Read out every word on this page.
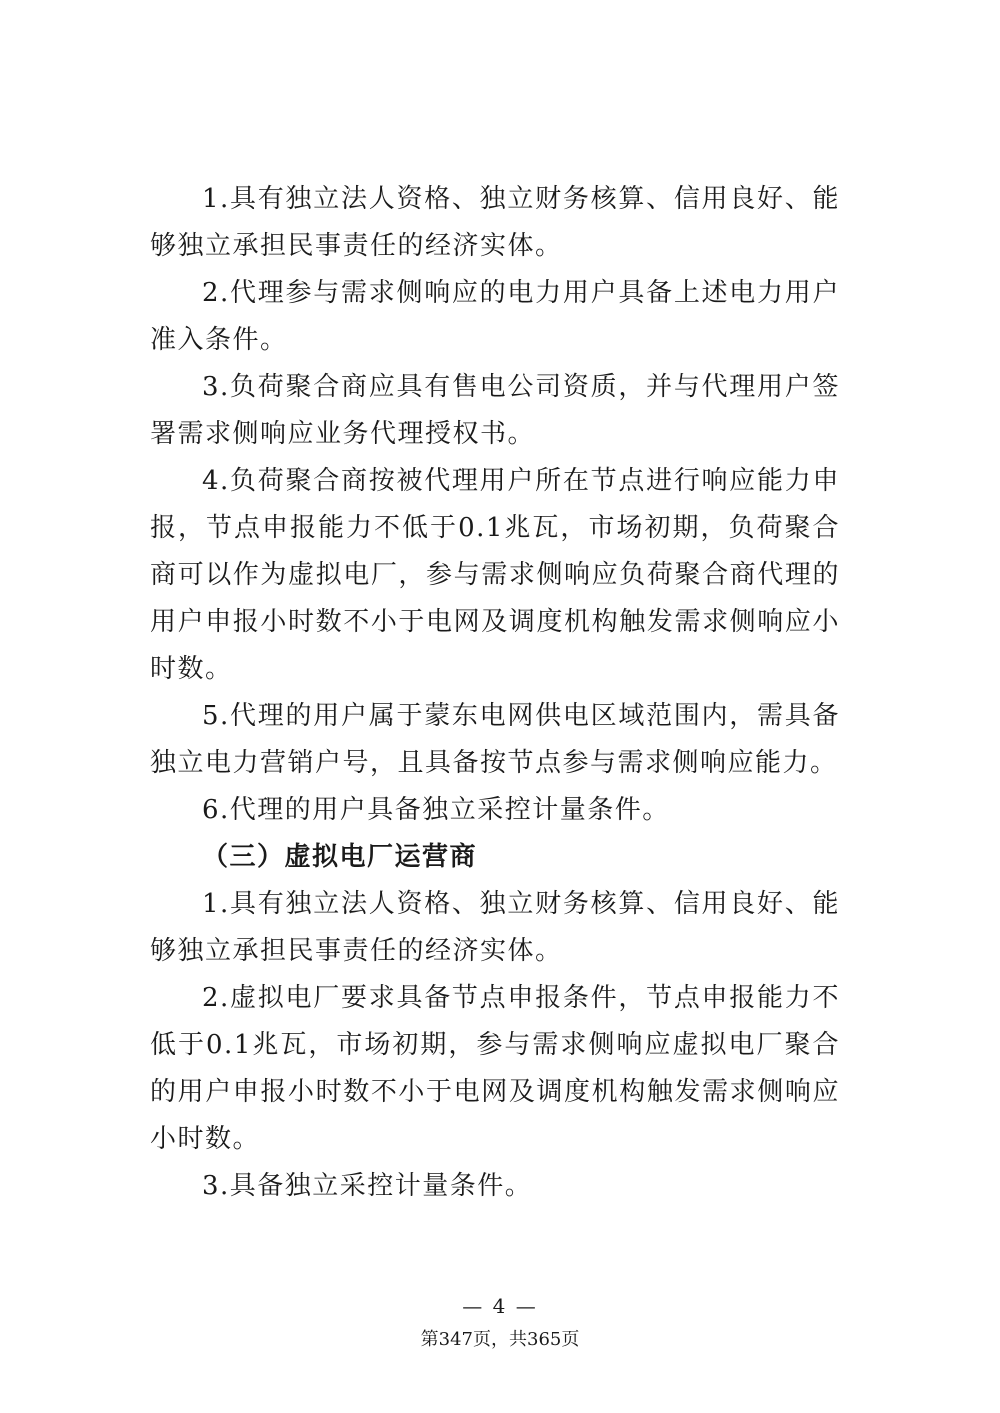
1.具有独立法人资格、独立财务核算、信用良好、能够独立承担民事责任的经济实体。

2.代理参与需求侧响应的电力用户具备上述电力用户准入条件。

3.负荷聚合商应具有售电公司资质，并与代理用户签署需求侧响应业务代理授权书。

4.负荷聚合商按被代理用户所在节点进行响应能力申报，节点申报能力不低于0.1兆瓦，市场初期，负荷聚合商可以作为虚拟电厂，参与需求侧响应负荷聚合商代理的用户申报小时数不小于电网及调度机构触发需求侧响应小时数。

5.代理的用户属于蒙东电网供电区域范围内，需具备独立电力营销户号，且具备按节点参与需求侧响应能力。

6.代理的用户具备独立采控计量条件。

（三）虚拟电厂运营商

1.具有独立法人资格、独立财务核算、信用良好、能够独立承担民事责任的经济实体。

2.虚拟电厂要求具备节点申报条件，节点申报能力不低于0.1兆瓦，市场初期，参与需求侧响应虚拟电厂聚合的用户申报小时数不小于电网及调度机构触发需求侧响应小时数。

3.具备独立采控计量条件。

— 4 —
第347页，共365页
